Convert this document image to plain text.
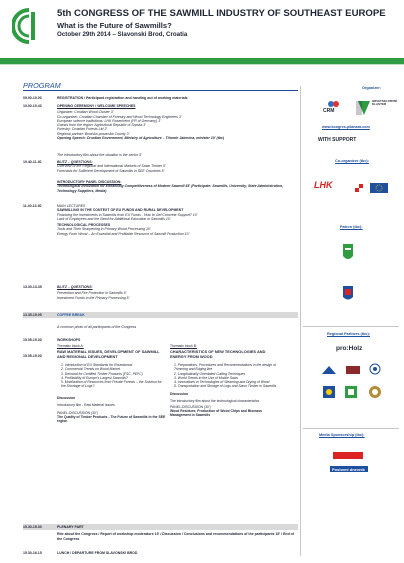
5th CONGRESS OF THE SAWMILL INDUSTRY OF SOUTHEAST EUROPE
What is the Future of Sawmills?
October 29th 2014 – Slavonski Brod, Croatia
PROGRAM
09.00-10.00	REGISTRATION / Participant registration and handing out of working materials
10.00-10.40	OPENING CEREMONY / WELCOME SPEECHES
Organizer: Croatian Wood Cluster 3'
Co-organizer: Croatian Chamber of Forestry and Wood Technology Engineers 3'
European science institutions: LHK Rosenheim (FR of Germany) 3'
Guests from the region: Agricultural Republic of Srpska 3'
Forestry: Croatian Forests Ltd 3'
Regional partner: Brodsko-posavska County 3'
Opening Speech: Croatian Government, Ministry of Agriculture – Tihomir Jakovina, minister 10' (tbc)
The introductory film about the situation is the sector 5'
10.40-11.40	BLITZ – QUESTIONS:
Overview of the Regional and International Markets of Sawn Timber 5'
Forecasts for Sufficient Development of Sawmills in SEE Countries 5'
INTRODUCTORY PANEL DISCUSSION:
Technological Innovation for Enhancing Competitiveness of Modern Sawmill 45' (Participate: Sawmills, University, State Administration, Technology Suppliers, Media)
11.40-13.30	MAIN LECTURES
SAWMILLING IN THE CONTEXT OF EU FUNDS AND RURAL DEVELOPMENT
Financing the Investments in Sawmills from EU Funds - How to Get Concrete Support? 10'
Lack of Employees and the Need for Additional Education in Sawmills 10'
TECHNOLOGICAL PROCESSES
Tools and Their Sharpening in Primary Wood Processing 10'
Energy From Wood – An Essential and Profitable Resource of Sawmill Production 10'
13.30-13.35	BLITZ – QUESTIONS:
Prevention and Fire Protection in Sawmills 5'
Investment Funds in the Primary Processing 5'
13.35-15.05	COFFEE BREAK
A common photo of all participants of the Congress
15.05-15.30	WORKSHOPS
15.05-15.00
Thematic block A:
RAW MATERIAL ISSUES, DEVELOPMENT OF SAWMILL AND REGIONAL DEVELOPMENT
1. Introduction of EU Standards for Roundwood
2. Commercial Trends on Wood Market
3. Demand for Certified Timber Products (FSC, PEFC)
4. Profitability of Europe's Largest Sawmills?
5. Mobilization of Resources from Private Forests – the Solution for the Shortage of Logs?
Discussion
Introductory film - Raw Material Issues
PANEL-DISCUSSION (30')
The Quality of Timber Products - The Future of Sawmills in the SEE region
Thematic block B:
CHARACTERISTICS OF NEW TECHNOLOGIES AND ENERGY FROM WOOD
1. Preparations, Procedures and Recommendations in the design of Trimming and Edging line
2. Longitudinally Orientated Cutting Techniques
3. World Trends in the Use of Mobile Saws
4. Innovations in Technologies of Steaming and Drying of Wood
5. Transportation and Storage of Logs and Sawn Timber in Sawmills
Discussion
The introductory film about the technological characteristics
PANEL-DISCUSSION (30')
Wood Residues, Production of Wood Chips and Biomass Management in Sawmills
15.30-15.30	PLENARY PART
Rite about the Congress / Report of workshop moderators 15' / Discussion / Conclusions and recommendations of the participants 15' / End of the Congress
15.30-16.15	LUNCH / DEPARTURE FROM SLAVONSKI BROD
Organizer:
CRM
HRVATSKI DRVNI KLASTER
www.kongres-pilanara.com
WITH SUPPORT
Co-organizer (tbc):
LHK
Patron (tbc):
Regional Partners (tbc):
pro:Holz
Media Sponsorship (tbc):
Poslovni dnevnik
